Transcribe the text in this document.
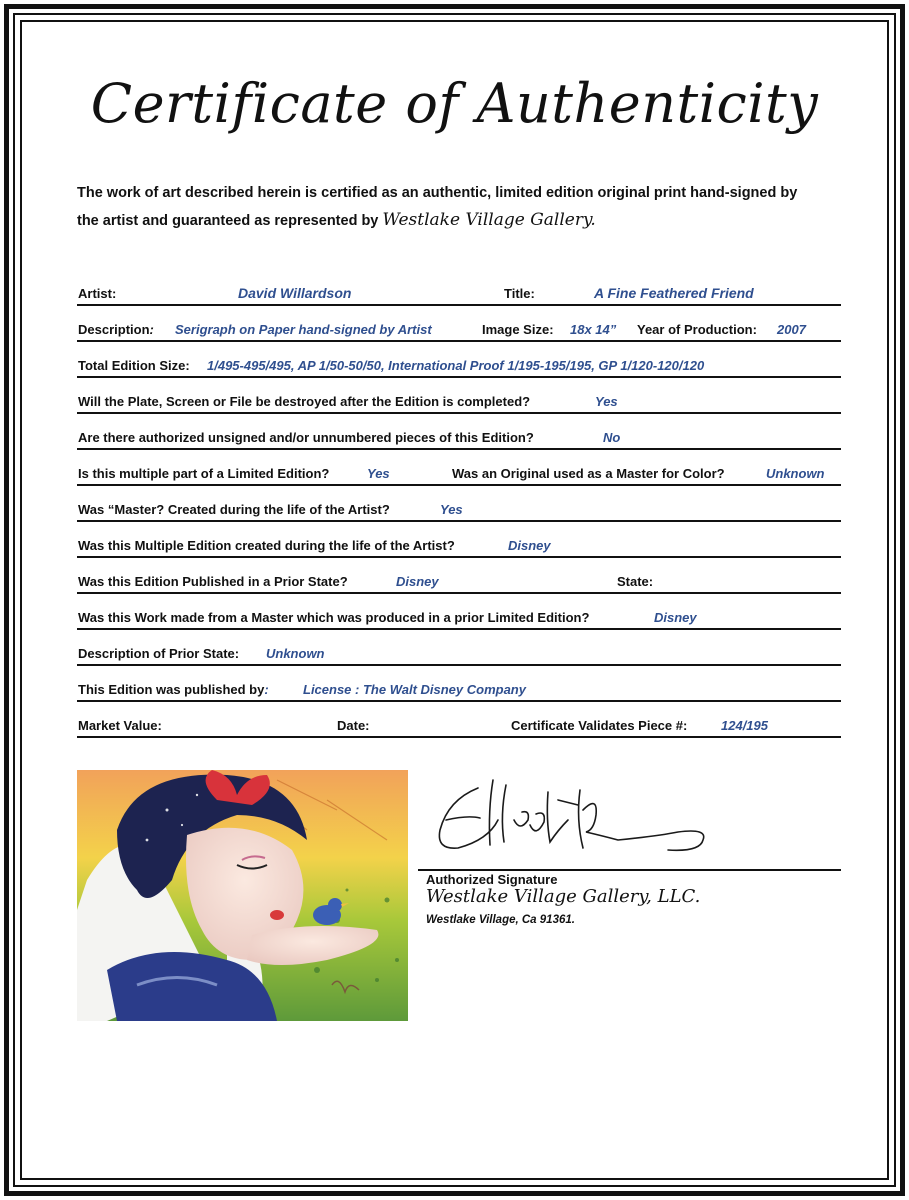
Certificate of Authenticity
The work of art described herein is certified as an authentic, limited edition original print hand-signed by the artist and guaranteed as represented by Westlake Village Gallery.
Artist:	David Willardson	Title:	A Fine Feathered Friend
Description: Serigraph on Paper hand-signed by Artist	Image Size: 18x 14” Year of Production: 2007
Total Edition Size: 1/495-495/495, AP 1/50-50/50, International Proof 1/195-195/195, GP 1/120-120/120
Will the Plate, Screen or File be destroyed after the Edition is completed?	Yes
Are there authorized unsigned and/or unnumbered pieces of this Edition?	No
Is this multiple part of a Limited Edition?	Yes	Was an Original used as a Master for Color?	Unknown
Was “Master? Created during the life of the Artist?	Yes
Was this Multiple Edition created during the life of the Artist?	Disney
Was this Edition Published in a Prior State?	Disney	State:
Was this Work made from a Master which was produced in a prior Limited Edition?	Disney
Description of Prior State: Unknown
This Edition was published by:	License : The Walt Disney Company
Market Value:	Date:	Certificate Validates Piece #:	124/195
Authorized Signature
Westlake Village Gallery, LLC.
Westlake Village, Ca 91361.
